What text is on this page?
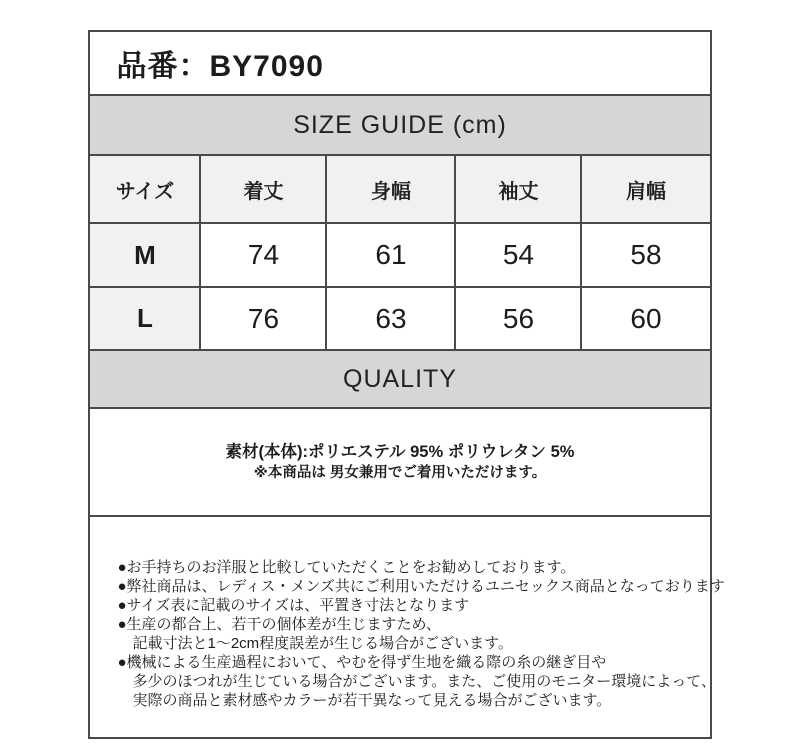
品番：BY7090				
SIZE GUIDE (cm)				
サイズ	着丈	身幅	袖丈	肩幅
M	74	61	54	58
L	76	63	56	60
QUALITY				

素材(本体):ポリエステル 95% ポリウレタン 5%
※本商品は 男女兼用でご着用いただけます。				

●お手持ちのお洋服と比較していただくことをお勧めしております。
●弊社商品は、レディス・メンズ共にご利用いただけるユニセックス商品となっております
●サイズ表に記載のサイズは、平置き寸法となります
●生産の都合上、若干の個体差が生じますため、
　記載寸法と1～2cm程度誤差が生じる場合がございます。
●機械による生産過程において、やむを得ず生地を織る際の糸の継ぎ目や
　多少のほつれが生じている場合がございます。また、ご使用のモニター環境によって、
　実際の商品と素材感やカラーが若干異なって見える場合がございます。
